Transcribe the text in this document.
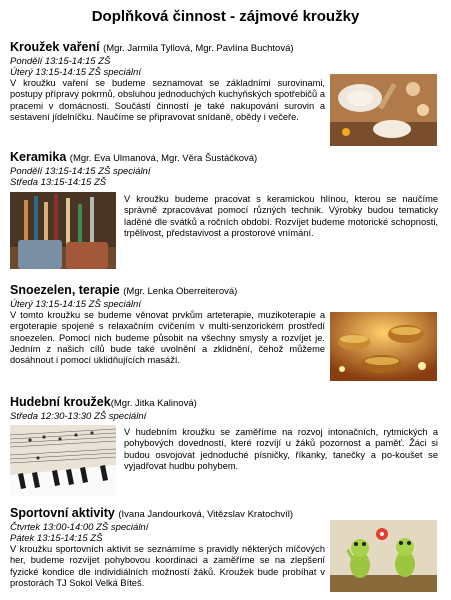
Doplňková činnost - zájmové kroužky
Kroužek vaření (Mgr. Jarmila Tyllová, Mgr. Pavlína Buchtová)
Pondělí 13:15-14:15 ZŠ
Úterý 13:15-14:15 ZŠ speciální
V kroužku vaření se budeme seznamovat se základními surovinami, postupy přípravy pokrmů, obsluhou jednoduchých kuchyňských spotřebičů a pracemi v domácnosti. Součástí činností je také nakupování surovin a sestavení jídelníčku. Naučíme se připravovat snídaně, obědy i večeře.
Keramika (Mgr. Eva Ulmanová, Mgr. Věra Šustáčková)
Pondělí 13:15-14:15 ZŠ speciální
Středa 13:15-14:15 ZŠ
V kroužku budeme pracovat s keramickou hlínou, kterou se naučíme správně zpracovávat pomocí různých technik. Výrobky budou tematicky laděné dle svátků a ročních období. Rozvíjet budeme motorické schopnosti, trpělivost, představivost a prostorové vnímání.
Snoezelen, terapie (Mgr. Lenka Oberreiterová)
Úterý 13:15-14:15 ZŠ speciální
V tomto kroužku se budeme věnovat prvkům arteterapie, muzikoterapie a ergoterapie spojené s relaxačním cvičením v multi-senzorickém prostředí snoezelen. Pomocí nich budeme působit na všechny smysly a rozvíjet je. Jedním z našich cílů bude také uvolnění a zklidnění, čehož můžeme dosáhnout i pomocí uklidňujících masáží.
Hudební kroužek(Mgr. Jitka Kalinová)
Středa 12:30-13:30 ZŠ speciální
V hudebním kroužku se zaměříme na rozvoj intonačních, rytmických a pohybových dovedností, které rozvíjí u žáků pozornost a paměť. Žáci si budou osvojovat jednoduché písničky, říkanky, tanečky a po-koušet se vyjadřovat hudbu pohybem.
Sportovní aktivity (Ivana Jandourková, Vitězslav Kratochvíl)
Čtvrtek 13:00-14:00 ZŠ speciální
Pátek 13:15-14:15 ZŠ
V kroužku sportovních aktivit se seznámíme s pravidly některých míčových her, budeme rozvíjet pohybovou koordinaci a zaměříme se na zlepšení fyzické kondice dle individiálních možností žáků. Kroužek bude probíhat v prostorách TJ Sokol Velká Bíteš.
